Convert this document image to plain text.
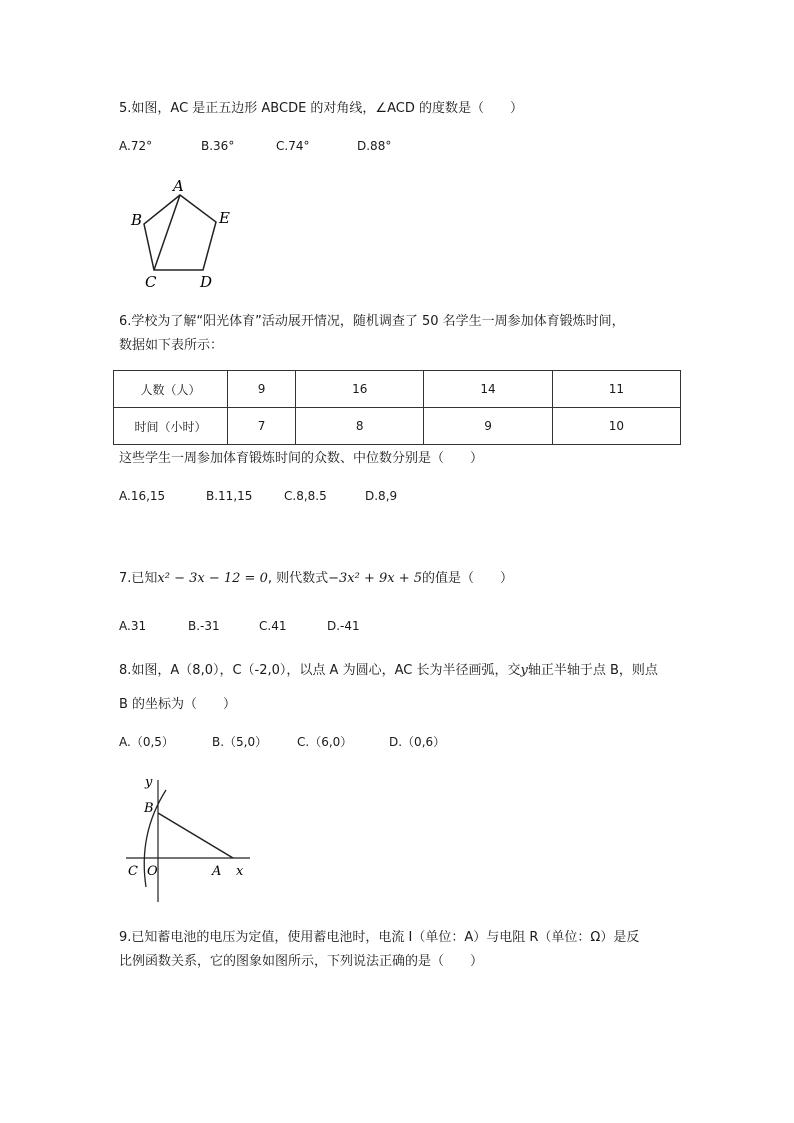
5.如图，AC 是正五边形 ABCDE 的对角线，∠ACD 的度数是（　　）
A.72°	B.36°	C.74°	D.88°
A
B	E
C	D
6.学校为了解“阳光体育”活动展开情况，随机调查了 50 名学生一周参加体育锻炼时间，
数据如下表所示：
人数（人）	9	16	14	11
时间（小时）	7	8	9	10
这些学生一周参加体育锻炼时间的众数、中位数分别是（　　）
A.16,15	B.11,15	C.8,8.5	D.8,9
7.已知x² − 3x − 12 = 0, 则代数式−3x² + 9x + 5的值是（　　）
A.31	B.-31	C.41	D.-41
8.如图，A（8,0），C（-2,0），以点 A 为圆心，AC 长为半径画弧，交y轴正半轴于点 B，则点
B 的坐标为（　　）
A.（0,5）	B.（5,0） C.（6,0）	D.（0,6）
y
x
B
C O	A
9.已知蓄电池的电压为定值，使用蓄电池时，电流 I（单位：A）与电阻 R（单位：Ω）是反
比例函数关系，它的图象如图所示，下列说法正确的是（　　）
